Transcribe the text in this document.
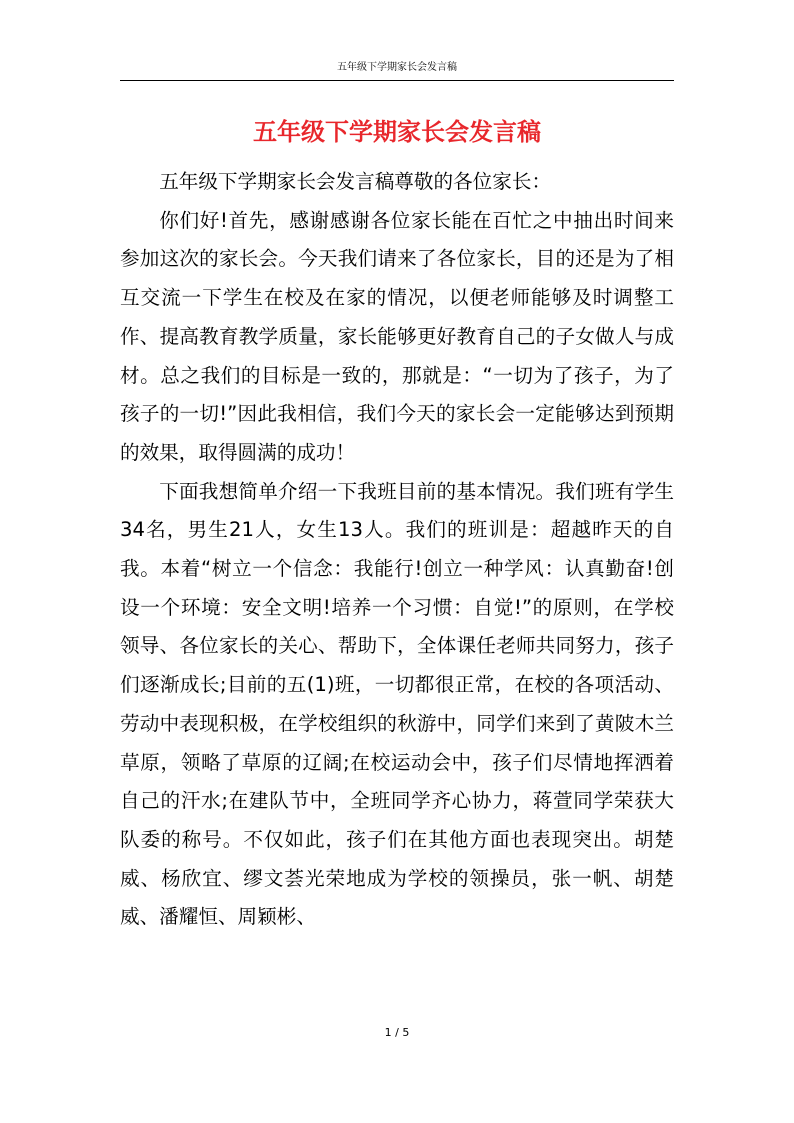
五年级下学期家长会发言稿
五年级下学期家长会发言稿

五年级下学期家长会发言稿尊敬的各位家长：

你们好!首先，感谢感谢各位家长能在百忙之中抽出时间来参加这次的家长会。今天我们请来了各位家长，目的还是为了相互交流一下学生在校及在家的情况，以便老师能够及时调整工作、提高教育教学质量，家长能够更好教育自己的子女做人与成材。总之我们的目标是一致的，那就是：“一切为了孩子，为了孩子的一切!”因此我相信，我们今天的家长会一定能够达到预期的效果，取得圆满的成功！

下面我想简单介绍一下我班目前的基本情况。我们班有学生34名，男生21人，女生13人。我们的班训是：超越昨天的自我。本着“树立一个信念：我能行!创立一种学风：认真勤奋!创设一个环境：安全文明!培养一个习惯：自觉!”的原则，在学校领导、各位家长的关心、帮助下，全体课任老师共同努力，孩子们逐渐成长;目前的五(1)班，一切都很正常，在校的各项活动、劳动中表现积极，在学校组织的秋游中，同学们来到了黄陂木兰草原，领略了草原的辽阔;在校运动会中，孩子们尽情地挥洒着自己的汗水;在建队节中，全班同学齐心协力，蒋萱同学荣获大队委的称号。不仅如此，孩子们在其他方面也表现突出。胡楚威、杨欣宜、缪文荟光荣地成为学校的领操员，张一帆、胡楚威、潘耀恒、周颖彬、

1 / 5
